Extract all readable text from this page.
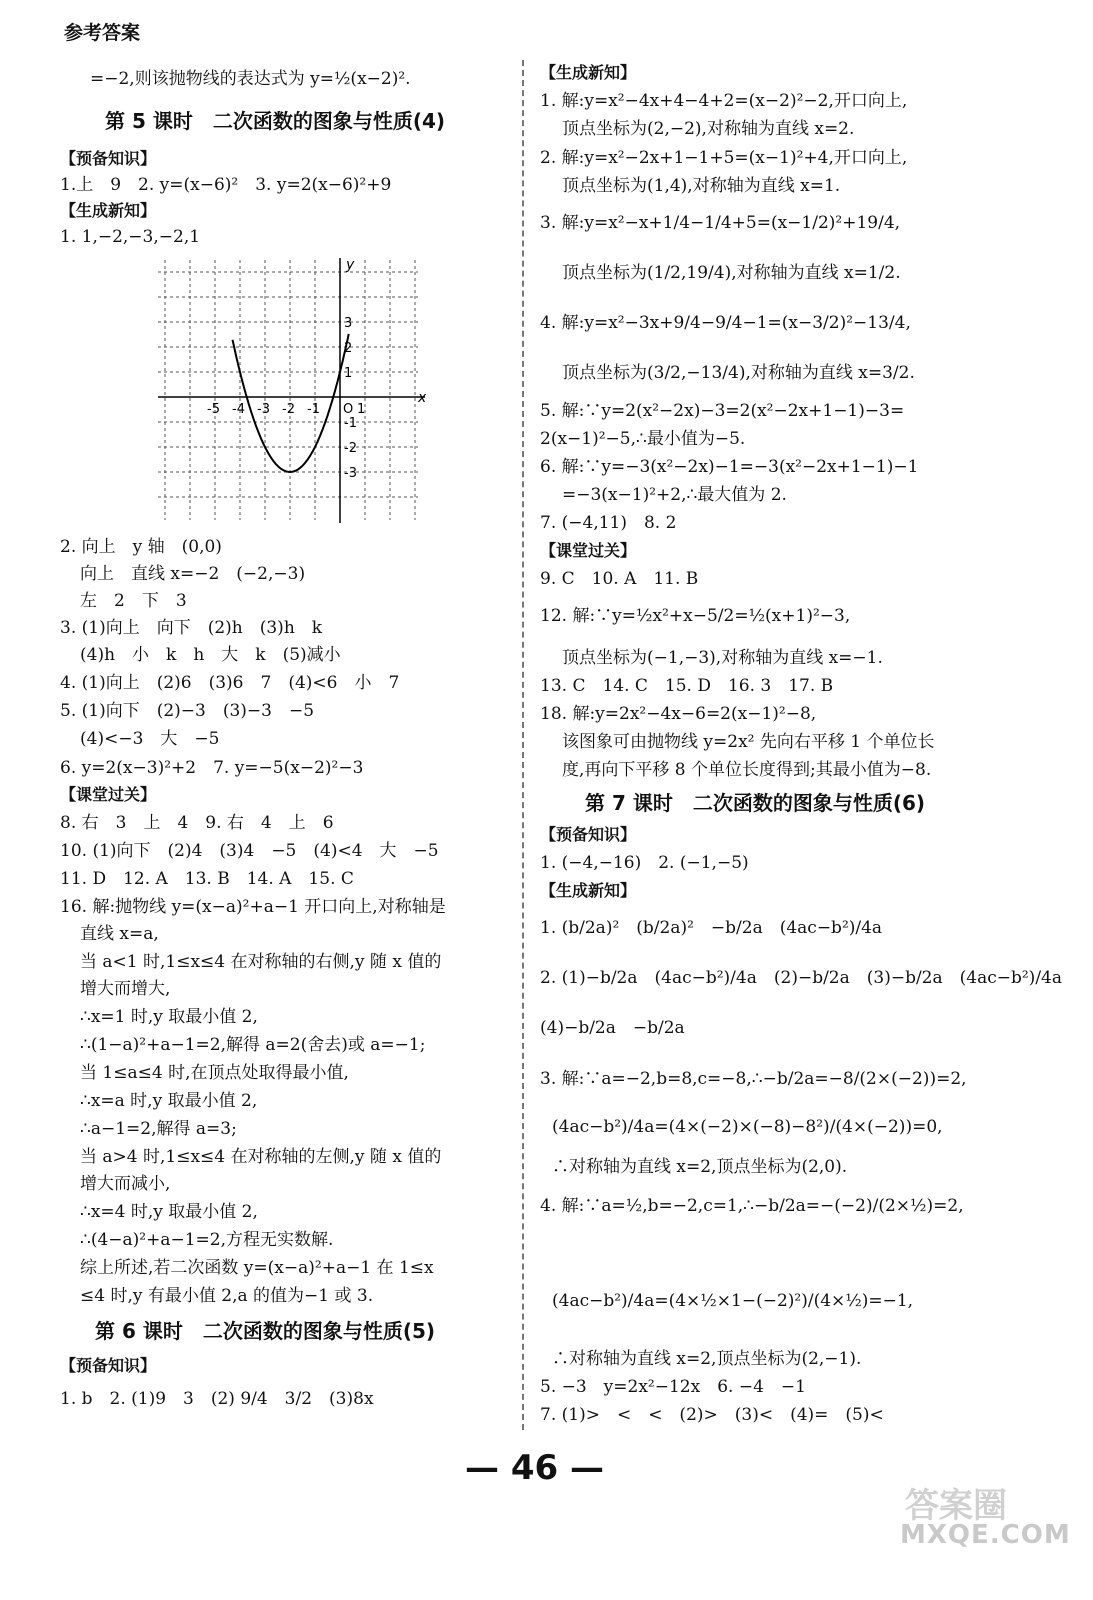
参考答案
=−2,则该抛物线的表达式为 y=½(x−2)².
第 5 课时　二次函数的图象与性质(4)
【预备知识】
1.上　9　2. y=(x−6)²　3. y=2(x−6)²+9
【生成新知】
1. 1,−2,−3,−2,1
2. 向上　y 轴　(0,0)
向上　直线 x=−2　(−2,−3)
左　2　下　3
3. (1)向上　向下　(2)h　(3)h　k
(4)h　小　k　h　大　k　(5)减小
4. (1)向上　(2)6　(3)6　7　(4)<6　小　7
5. (1)向下　(2)−3　(3)−3　−5
(4)<−3　大　−5
6. y=2(x−3)²+2　7. y=−5(x−2)²−3
【课堂过关】
8. 右　3　上　4　9. 右　4　上　6
10. (1)向下　(2)4　(3)4　−5　(4)<4　大　−5
11. D　12. A　13. B　14. A　15. C
16. 解:抛物线 y=(x−a)²+a−1 开口向上,对称轴是
直线 x=a,
当 a<1 时,1≤x≤4 在对称轴的右侧,y 随 x 值的
增大而增大,
∴x=1 时,y 取最小值 2,
∴(1−a)²+a−1=2,解得 a=2(舍去)或 a=−1;
当 1≤a≤4 时,在顶点处取得最小值,
∴x=a 时,y 取最小值 2,
∴a−1=2,解得 a=3;
当 a>4 时,1≤x≤4 在对称轴的左侧,y 随 x 值的
增大而减小,
∴x=4 时,y 取最小值 2,
∴(4−a)²+a−1=2,方程无实数解.
综上所述,若二次函数 y=(x−a)²+a−1 在 1≤x
≤4 时,y 有最小值 2,a 的值为−1 或 3.
第 6 课时　二次函数的图象与性质(5)
【预备知识】
1. b　2. (1)9　3　(2) 9/4　3/2　(3)8x
【生成新知】
1. 解:y=x²−4x+4−4+2=(x−2)²−2,开口向上,
顶点坐标为(2,−2),对称轴为直线 x=2.
2. 解:y=x²−2x+1−1+5=(x−1)²+4,开口向上,
顶点坐标为(1,4),对称轴为直线 x=1.
3. 解:y=x²−x+1/4−1/4+5=(x−1/2)²+19/4,
顶点坐标为(1/2,19/4),对称轴为直线 x=1/2.
4. 解:y=x²−3x+9/4−9/4−1=(x−3/2)²−13/4,
顶点坐标为(3/2,−13/4),对称轴为直线 x=3/2.
5. 解:∵y=2(x²−2x)−3=2(x²−2x+1−1)−3=
2(x−1)²−5,∴最小值为−5.
6. 解:∵y=−3(x²−2x)−1=−3(x²−2x+1−1)−1
=−3(x−1)²+2,∴最大值为 2.
7. (−4,11)　8. 2
【课堂过关】
9. C　10. A　11. B
12. 解:∵y=½x²+x−5/2=½(x+1)²−3,
顶点坐标为(−1,−3),对称轴为直线 x=−1.
13. C　14. C　15. D　16. 3　17. B
18. 解:y=2x²−4x−6=2(x−1)²−8,
该图象可由抛物线 y=2x² 先向右平移 1 个单位长
度,再向下平移 8 个单位长度得到;其最小值为−8.
第 7 课时　二次函数的图象与性质(6)
【预备知识】
1. (−4,−16)　2. (−1,−5)
【生成新知】
1. (b/2a)²　(b/2a)²　−b/2a　(4ac−b²)/4a
2. (1)−b/2a　(4ac−b²)/4a　(2)−b/2a　(3)−b/2a　(4ac−b²)/4a
(4)−b/2a　−b/2a
3. 解:∵a=−2,b=8,c=−8,∴−b/2a=−8/(2×(−2))=2,
(4ac−b²)/4a=(4×(−2)×(−8)−8²)/(4×(−2))=0,
∴对称轴为直线 x=2,顶点坐标为(2,0).
4. 解:∵a=½,b=−2,c=1,∴−b/2a=−(−2)/(2×½)=2,
(4ac−b²)/4a=(4×½×1−(−2)²)/(4×½)=−1,
∴对称轴为直线 x=2,顶点坐标为(2,−1).
5. −3　y=2x²−12x　6. −4　−1
7. (1)>　<　<　(2)>　(3)<　(4)=　(5)<
x
y
O
-5 -4 -3 -2 -1	1
3
2
1
-1
-2
-3
— 46 —
答案圈
MXQE.COM
